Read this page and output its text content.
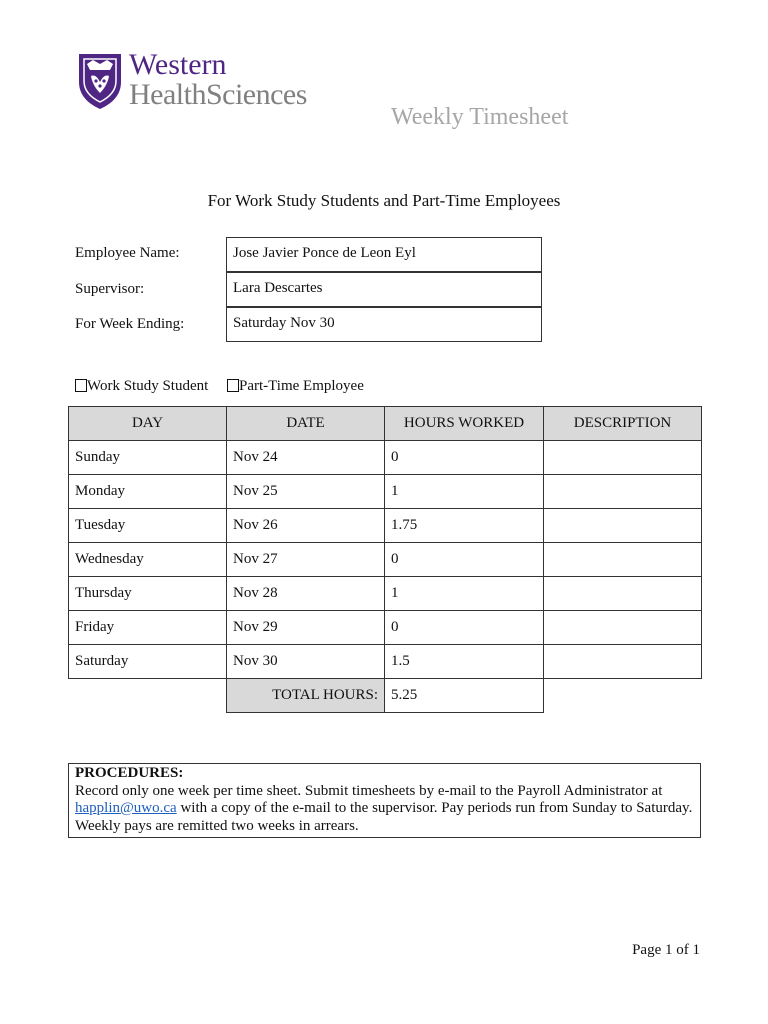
Western
HealthSciences
Weekly Timesheet
For Work Study Students and Part-Time Employees
Employee Name:	Jose Javier Ponce de Leon Eyl
Supervisor:	Lara Descartes
For Week Ending:	Saturday Nov 30
Work Study Student	Part-Time Employee
DAY	DATE	HOURS WORKED	DESCRIPTION
Sunday	Nov 24	0	
Monday	Nov 25	1	
Tuesday	Nov 26	1.75	
Wednesday	Nov 27	0	
Thursday	Nov 28	1	
Friday	Nov 29	0	
Saturday	Nov 30	1.5	
	TOTAL HOURS:	5.25	
PROCEDURES:
Record only one week per time sheet. Submit timesheets by e-mail to the Payroll Administrator at happlin@uwo.ca with a copy of the e-mail to the supervisor. Pay periods run from Sunday to Saturday. Weekly pays are remitted two weeks in arrears.
Page 1 of 1
